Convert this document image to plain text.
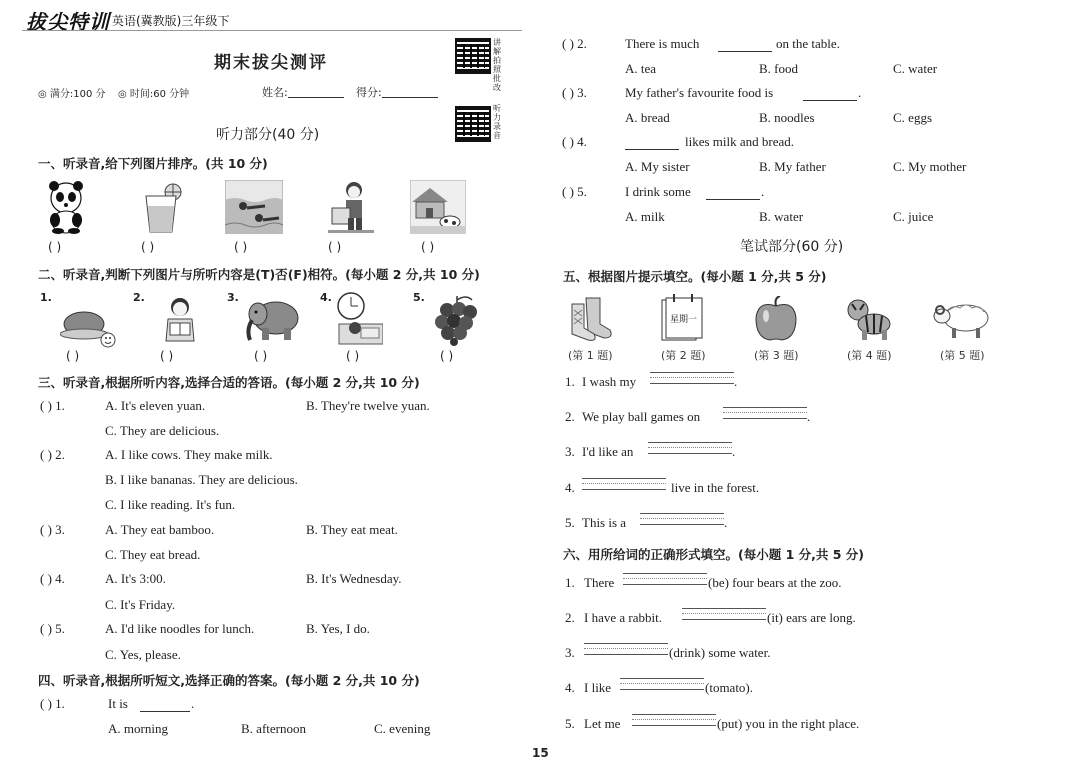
拔尖特训 英语(冀教版)三年级下
期末拔尖测评
讲解拍照批改
听力录音
◎ 满分:100 分 ◎ 时间:60 分钟	姓名:	得分:
听力部分(40 分)
一、听录音,给下列图片排序。(共 10 分)
( )	( )	( )	( )	( )
二、听录音,判断下列图片与所听内容是(T)否(F)相符。(每小题 2 分,共 10 分)
1.	2.	3.	4.	5.
( )	( )	( )	( )	( )
三、听录音,根据所听内容,选择合适的答语。(每小题 2 分,共 10 分)
( ) 1.	A. It's eleven yuan.	B. They're twelve yuan.
C. They are delicious.
( ) 2.	A. I like cows. They make milk.
B. I like bananas. They are delicious.
C. I like reading. It's fun.
( ) 3.	A. They eat bamboo.	B. They eat meat.
C. They eat bread.
( ) 4.	A. It's 3:00.	B. It's Wednesday.
C. It's Friday.
( ) 5.	A. I'd like noodles for lunch.	B. Yes, I do.
C. Yes, please.
四、听录音,根据所听短文,选择正确的答案。(每小题 2 分,共 10 分)
( ) 1.	It is	.
A. morning	B. afternoon	C. evening
( ) 2.	There is much	on the table.
A. tea	B. food	C. water
( ) 3.	My father's favourite food is	.
A. bread	B. noodles	C. eggs
( ) 4.	likes milk and bread.
A. My sister	B. My father	C. My mother
( ) 5.	I drink some	.
A. milk	B. water	C. juice
笔试部分(60 分)
五、根据图片提示填空。(每小题 1 分,共 5 分)
星期一
(第 1 题)	(第 2 题)	(第 3 题)	(第 4 题)	(第 5 题)
1. I wash my	.
2. We play ball games on	.
3. I'd like an	.
4.	live in the forest.
5. This is a	.
六、用所给词的正确形式填空。(每小题 1 分,共 5 分)
1. There	(be) four bears at the zoo.
2. I have a rabbit.	(it) ears are long.
3.	(drink) some water.
4. I like	(tomato).
5. Let me	(put) you in the right place.
15
